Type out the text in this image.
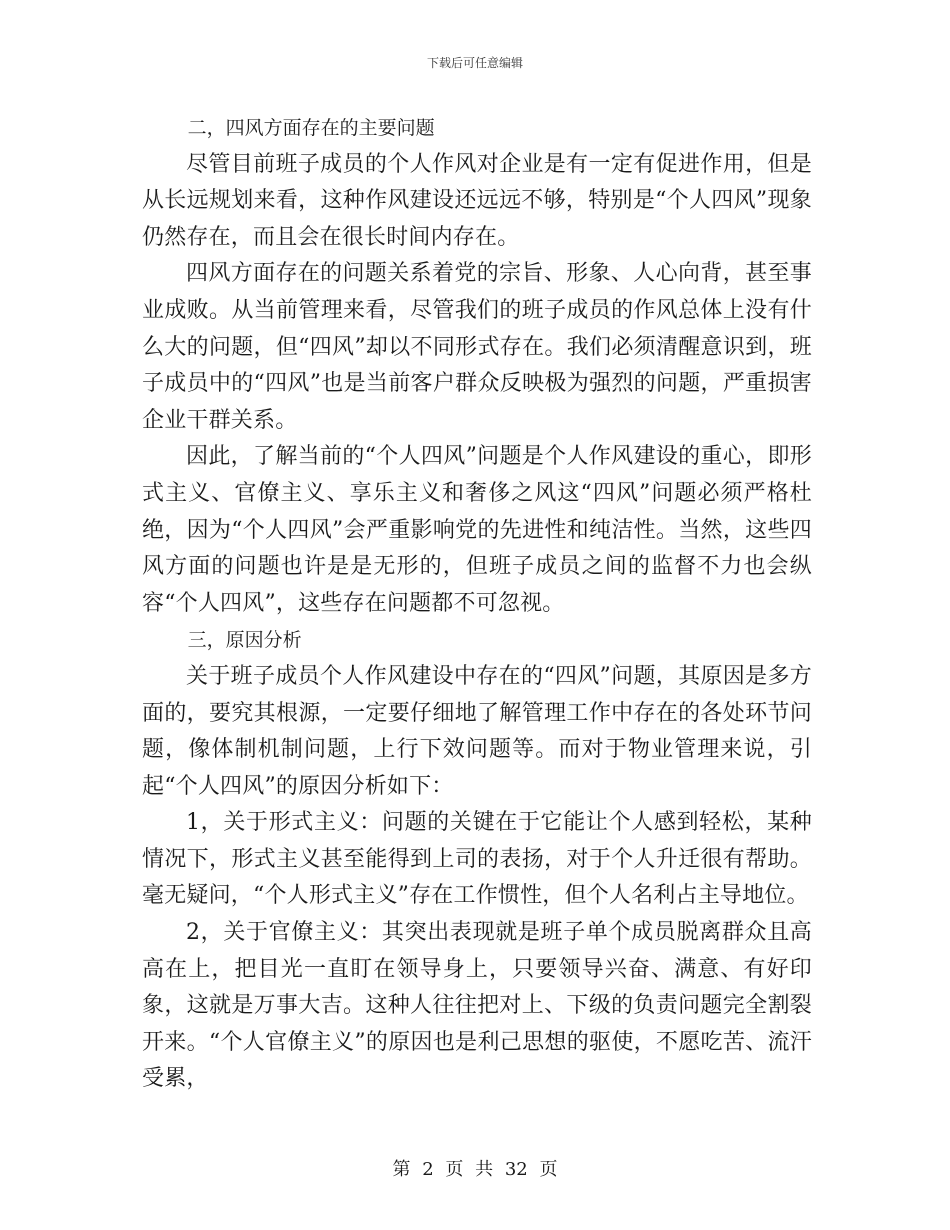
下载后可任意编辑

二，四风方面存在的主要问题

尽管目前班子成员的个人作风对企业是有一定有促进作用，但是从长远规划来看，这种作风建设还远远不够，特别是“个人四风”现象仍然存在，而且会在很长时间内存在。

四风方面存在的问题关系着党的宗旨、形象、人心向背，甚至事业成败。从当前管理来看，尽管我们的班子成员的作风总体上没有什么大的问题，但“四风”却以不同形式存在。我们必须清醒意识到，班子成员中的“四风”也是当前客户群众反映极为强烈的问题，严重损害企业干群关系。

因此，了解当前的“个人四风”问题是个人作风建设的重心，即形式主义、官僚主义、享乐主义和奢侈之风这“四风”问题必须严格杜绝，因为“个人四风”会严重影响党的先进性和纯洁性。当然，这些四风方面的问题也许是是无形的，但班子成员之间的监督不力也会纵容“个人四风”，这些存在问题都不可忽视。

三，原因分析

关于班子成员个人作风建设中存在的“四风”问题，其原因是多方面的，要究其根源，一定要仔细地了解管理工作中存在的各处环节问题，像体制机制问题，上行下效问题等。而对于物业管理来说，引起“个人四风”的原因分析如下：

1，关于形式主义：问题的关键在于它能让个人感到轻松，某种情况下，形式主义甚至能得到上司的表扬，对于个人升迁很有帮助。毫无疑问，“个人形式主义”存在工作惯性，但个人名利占主导地位。

2，关于官僚主义：其突出表现就是班子单个成员脱离群众且高高在上，把目光一直盯在领导身上，只要领导兴奋、满意、有好印象，这就是万事大吉。这种人往往把对上、下级的负责问题完全割裂开来。“个人官僚主义”的原因也是利己思想的驱使，不愿吃苦、流汗受累，

第 2 页 共 32 页
